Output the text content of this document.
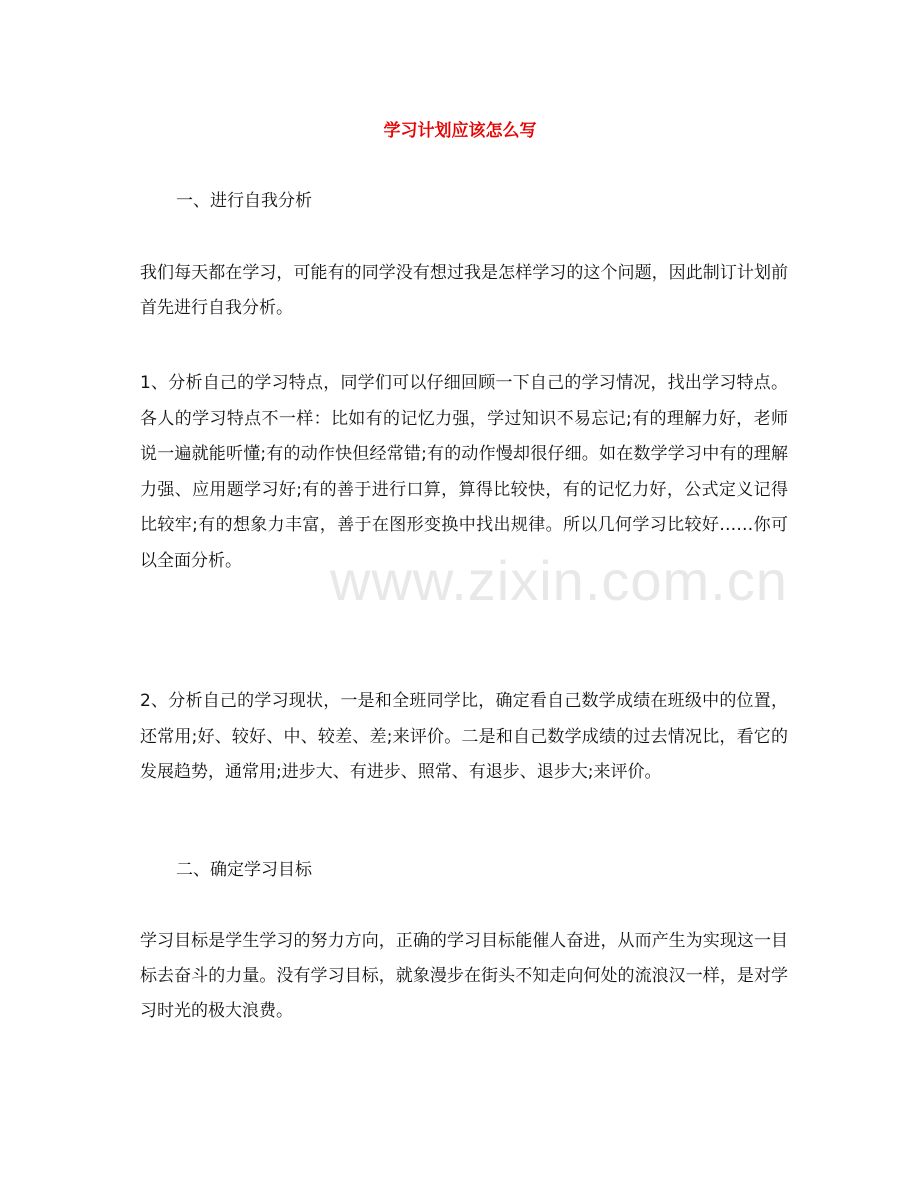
www.zixin.com.cn
学习计划应该怎么写
一、进行自我分析
我们每天都在学习，可能有的同学没有想过我是怎样学习的这个问题，因此制订计划前首先进行自我分析。
1、分析自己的学习特点，同学们可以仔细回顾一下自己的学习情况，找出学习特点。各人的学习特点不一样：比如有的记忆力强，学过知识不易忘记;有的理解力好，老师说一遍就能听懂;有的动作快但经常错;有的动作慢却很仔细。如在数学学习中有的理解力强、应用题学习好;有的善于进行口算，算得比较快，有的记忆力好，公式定义记得比较牢;有的想象力丰富，善于在图形变换中找出规律。所以几何学习比较好……你可以全面分析。
2、分析自己的学习现状，一是和全班同学比，确定看自己数学成绩在班级中的位置，还常用;好、较好、中、较差、差;来评价。二是和自己数学成绩的过去情况比，看它的发展趋势，通常用;进步大、有进步、照常、有退步、退步大;来评价。
二、确定学习目标
学习目标是学生学习的努力方向，正确的学习目标能催人奋进，从而产生为实现这一目标去奋斗的力量。没有学习目标，就象漫步在街头不知走向何处的流浪汉一样，是对学习时光的极大浪费。
